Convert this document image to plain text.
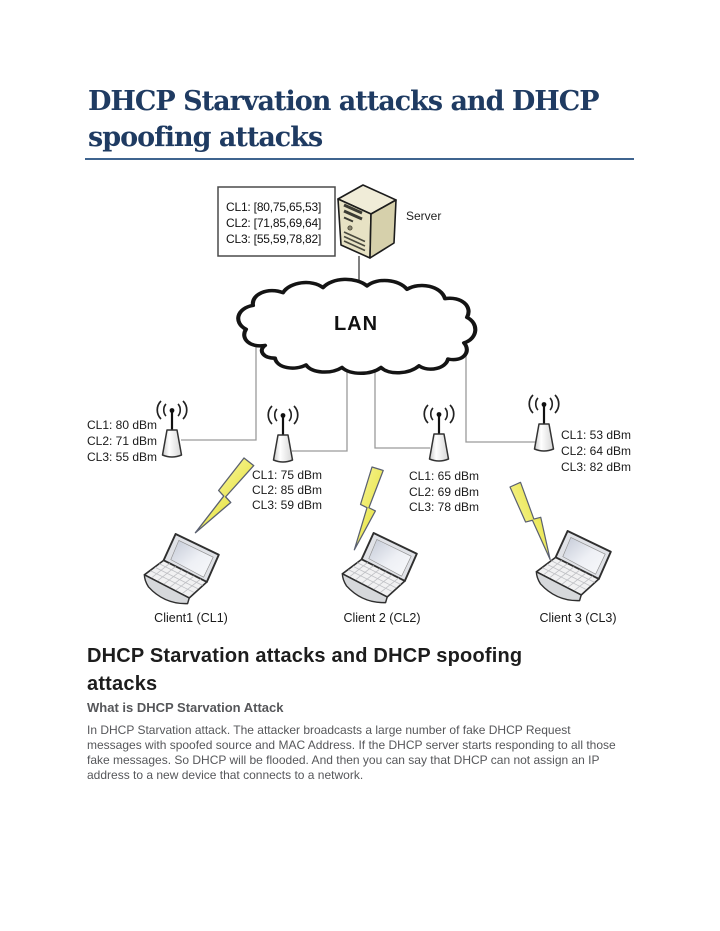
DHCP Starvation attacks and DHCP
spoofing attacks
CL1: [80,75,65,53]
CL2: [71,85,69,64]
CL3: [55,59,78,82]
Server
LAN
CL1: 80 dBm
CL2: 71 dBm
CL3: 55 dBm
CL1: 75 dBm
CL2: 85 dBm
CL3: 59 dBm
CL1: 65 dBm
CL2: 69 dBm
CL3: 78 dBm
CL1: 53 dBm
CL2: 64 dBm
CL3: 82 dBm
Client1 (CL1)	Client 2 (CL2)	Client 3 (CL3)
DHCP Starvation attacks and DHCP spoofing
attacks
What is DHCP Starvation Attack
In DHCP Starvation attack. The attacker broadcasts a large number of fake DHCP Request
messages with spoofed source and MAC Address. If the DHCP server starts responding to all those
fake messages. So DHCP will be flooded. And then you can say that DHCP can not assign an IP
address to a new device that connects to a network.
